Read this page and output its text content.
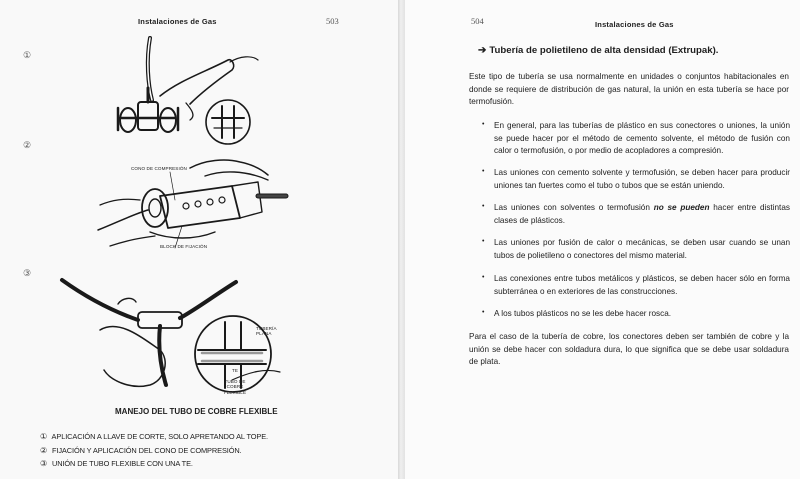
Instalaciones de Gas	503
①
②
③
CONO DE COMPRESIÓN
BLOCK DE FIJACIÓN
TUBERÍA PLANA
TE
TUBO DE COBRE FLEXIBLE
MANEJO DEL TUBO DE COBRE FLEXIBLE
① APLICACIÓN A LLAVE DE CORTE, SOLO APRETANDO AL TOPE.
② FIJACIÓN Y APLICACIÓN DEL CONO DE COMPRESIÓN.
③ UNIÓN DE TUBO FLEXIBLE CON UNA TE.
504	Instalaciones de Gas
➔ Tubería de polietileno de alta densidad (Extrupak).
Este tipo de tubería se usa normalmente en unidades o conjuntos habitacionales en donde se requiere de distribución de gas natural, la unión en esta tubería se hace por termofusión.
• En general, para las tuberías de plástico en sus conectores o uniones, la unión se puede hacer por el método de cemento solvente, el método de fusión con calor o termofusión, o por medio de acopladores a compresión.
• Las uniones con cemento solvente y termofusión, se deben hacer para producir uniones tan fuertes como el tubo o tubos que se están uniendo.
• Las uniones con solventes o termofusión no se pueden hacer entre distintas clases de plásticos.
• Las uniones por fusión de calor o mecánicas, se deben usar cuando se unan tubos de polietileno o conectores del mismo material.
• Las conexiones entre tubos metálicos y plásticos, se deben hacer sólo en forma subterránea o en exteriores de las construcciones.
• A los tubos plásticos no se les debe hacer rosca.
Para el caso de la tubería de cobre, los conectores deben ser también de cobre y la unión se debe hacer con soldadura dura, lo que significa que se debe usar soldadura de plata.
